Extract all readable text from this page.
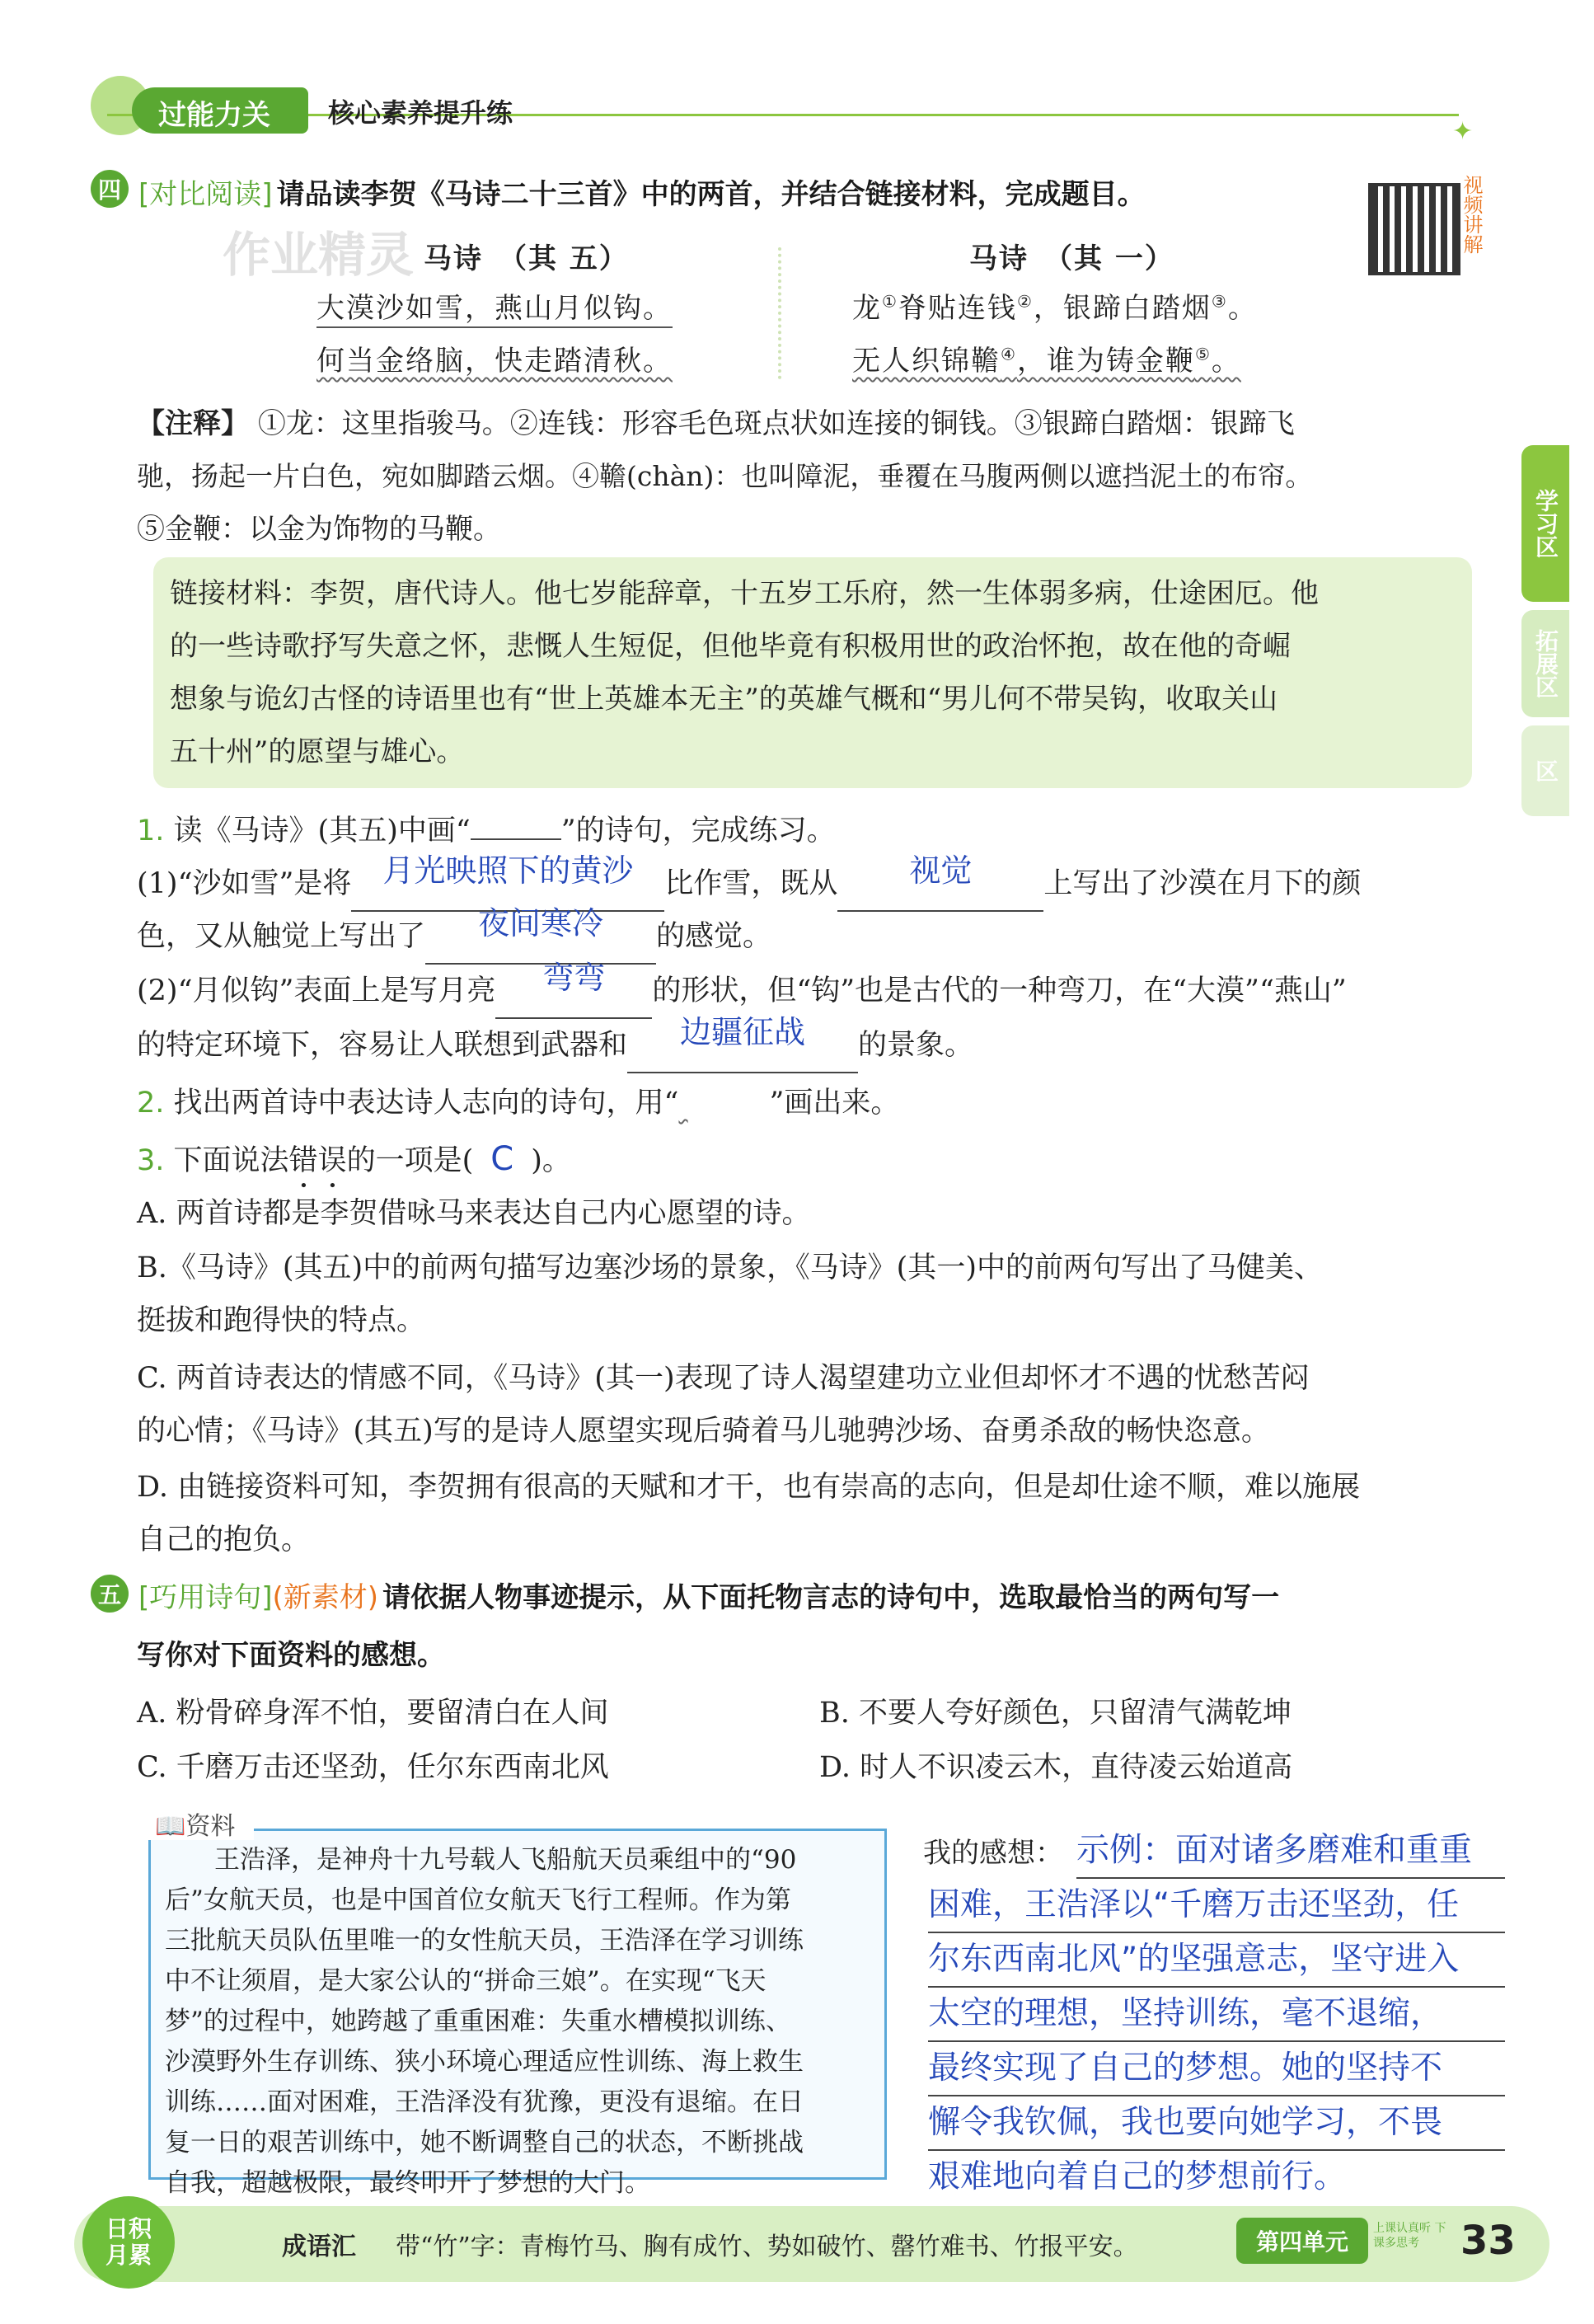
过能力关 核心素养提升练
✦
四 [对比阅读] 请品读李贺《马诗二十三首》中的两首，并结合链接材料，完成题目。
作业精灵
视频讲解
马诗　（其 五）
大漠沙如雪，燕山月似钩。
何当金络脑，快走踏清秋。
马诗　（其 一）
龙①脊贴连钱②，银蹄白踏烟③。
无人织锦韂④，谁为铸金鞭⑤。
【注释】 ①龙：这里指骏马。②连钱：形容毛色斑点状如连接的铜钱。③银蹄白踏烟：银蹄飞
驰，扬起一片白色，宛如脚踏云烟。④韂(chàn)：也叫障泥，垂覆在马腹两侧以遮挡泥土的布帘。
⑤金鞭：以金为饰物的马鞭。
链接材料：李贺，唐代诗人。他七岁能辞章，十五岁工乐府，然一生体弱多病，仕途困厄。他
的一些诗歌抒写失意之怀，悲慨人生短促，但他毕竟有积极用世的政治怀抱，故在他的奇崛
想象与诡幻古怪的诗语里也有“世上英雄本无主”的英雄气概和“男儿何不带吴钩，收取关山
五十州”的愿望与雄心。
1. 读《马诗》(其五)中画“	”的诗句，完成练习。
(1)“沙如雪”是将 月光映照下的黄沙	比作雪，既从	视觉	上写出了沙漠在月下的颜
色，又从触觉上写出了	夜间寒冷	的感觉。
(2)“月似钩”表面上是写月亮	弯弯	的形状，但“钩”也是古代的一种弯刀，在“大漠”“燕山”
的特定环境下，容易让人联想到武器和	边疆征战	的景象。
2. 找出两首诗中表达诗人志向的诗句，用“	”画出来。
3. 下面说法错误的一项是( C )。
A. 两首诗都是李贺借咏马来表达自己内心愿望的诗。
B.《马诗》(其五)中的前两句描写边塞沙场的景象，《马诗》(其一)中的前两句写出了马健美、
挺拔和跑得快的特点。
C. 两首诗表达的情感不同，《马诗》(其一)表现了诗人渴望建功立业但却怀才不遇的忧愁苦闷
的心情；《马诗》(其五)写的是诗人愿望实现后骑着马儿驰骋沙场、奋勇杀敌的畅快恣意。
D. 由链接资料可知，李贺拥有很高的天赋和才干，也有崇高的志向，但是却仕途不顺，难以施展
自己的抱负。
五 [巧用诗句](新素材) 请依据人物事迹提示，从下面托物言志的诗句中，选取最恰当的两句写一
写你对下面资料的感想。
A. 粉骨碎身浑不怕，要留清白在人间	B. 不要人夸好颜色，只留清气满乾坤
C. 千磨万击还坚劲，任尔东西南北风	D. 时人不识凌云木，直待凌云始道高
📖资料
王浩泽，是神舟十九号载人飞船航天员乘组中的“90
后”女航天员，也是中国首位女航天飞行工程师。作为第
三批航天员队伍里唯一的女性航天员，王浩泽在学习训练
中不让须眉，是大家公认的“拼命三娘”。在实现“飞天
梦”的过程中，她跨越了重重困难：失重水槽模拟训练、
沙漠野外生存训练、狭小环境心理适应性训练、海上救生
训练……面对困难，王浩泽没有犹豫，更没有退缩。在日
复一日的艰苦训练中，她不断调整自己的状态，不断挑战
自我，超越极限，最终叩开了梦想的大门。
我的感想： 示例：面对诸多磨难和重重
困难，王浩泽以“千磨万击还坚劲，任
尔东西南北风”的坚强意志，坚守进入
太空的理想，坚持训练，毫不退缩，
最终实现了自己的梦想。她的坚持不
懈令我钦佩，我也要向她学习，不畏
艰难地向着自己的梦想前行。
学习区
拓展区
区
日积月累	成语汇 带“竹”字：青梅竹马、胸有成竹、势如破竹、罄竹难书、竹报平安。	第四单元	上课认真听 下课多思考	33
